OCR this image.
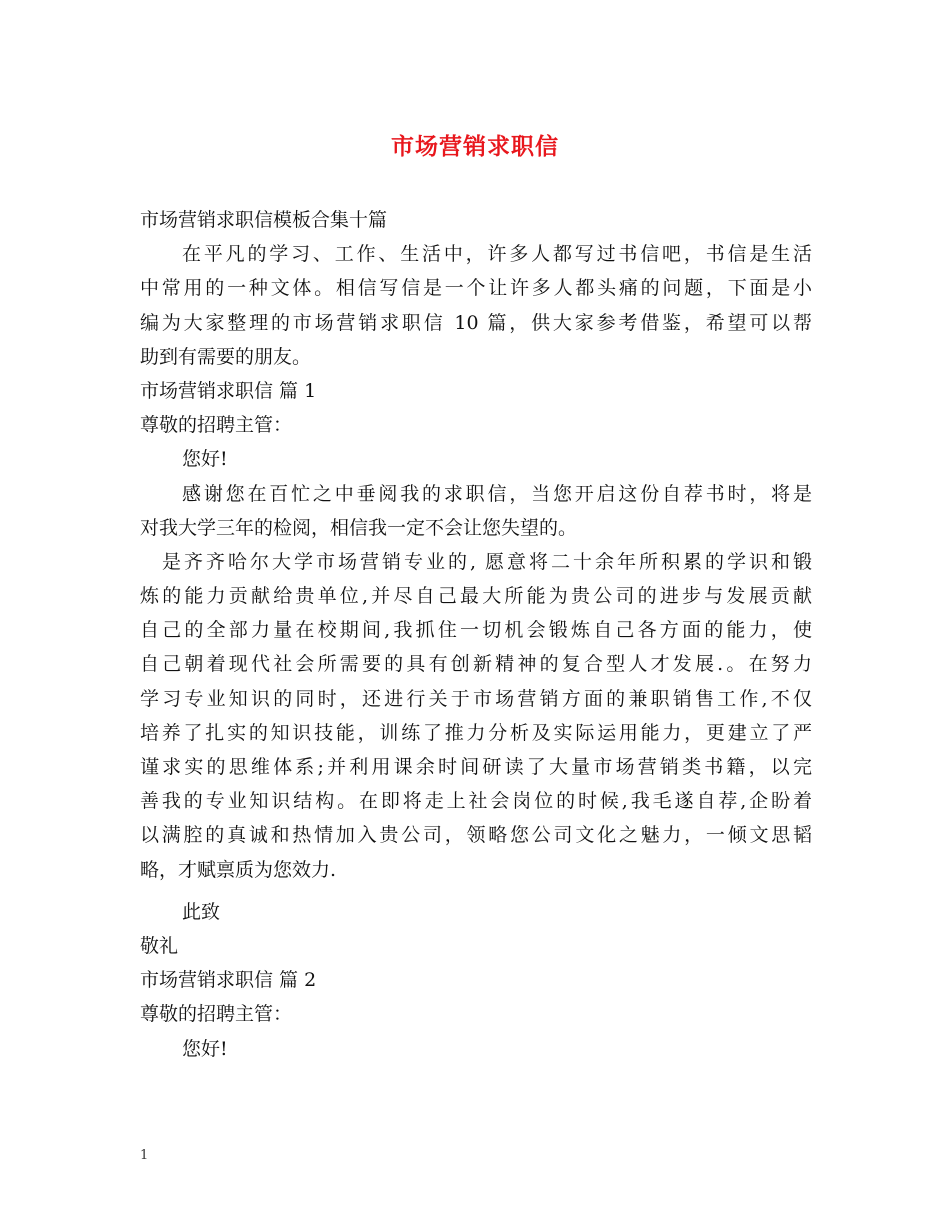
市场营销求职信
市场营销求职信模板合集十篇
在平凡的学习、工作、生活中，许多人都写过书信吧，书信是生活
中常用的一种文体。相信写信是一个让许多人都头痛的问题，下面是小
编为大家整理的市场营销求职信 10 篇，供大家参考借鉴，希望可以帮
助到有需要的朋友。
市场营销求职信 篇 1
尊敬的招聘主管：
您好!
感谢您在百忙之中垂阅我的求职信，当您开启这份自荐书时，将是
对我大学三年的检阅，相信我一定不会让您失望的。
是齐齐哈尔大学市场营销专业的, 愿意将二十余年所积累的学识和锻
炼的能力贡献给贵单位,并尽自己最大所能为贵公司的进步与发展贡献
自己的全部力量在校期间,我抓住一切机会锻炼自己各方面的能力，使
自己朝着现代社会所需要的具有创新精神的复合型人才发展.。在努力
学习专业知识的同时，还进行关于市场营销方面的兼职销售工作,不仅
培养了扎实的知识技能，训练了推力分析及实际运用能力，更建立了严
谨求实的思维体系;并利用课余时间研读了大量市场营销类书籍，以完
善我的专业知识结构。在即将走上社会岗位的时候,我毛遂自荐,企盼着
以满腔的真诚和热情加入贵公司，领略您公司文化之魅力，一倾文思韬
略，才赋禀质为您效力.
此致
敬礼
市场营销求职信 篇 2
尊敬的招聘主管：
您好!
1
